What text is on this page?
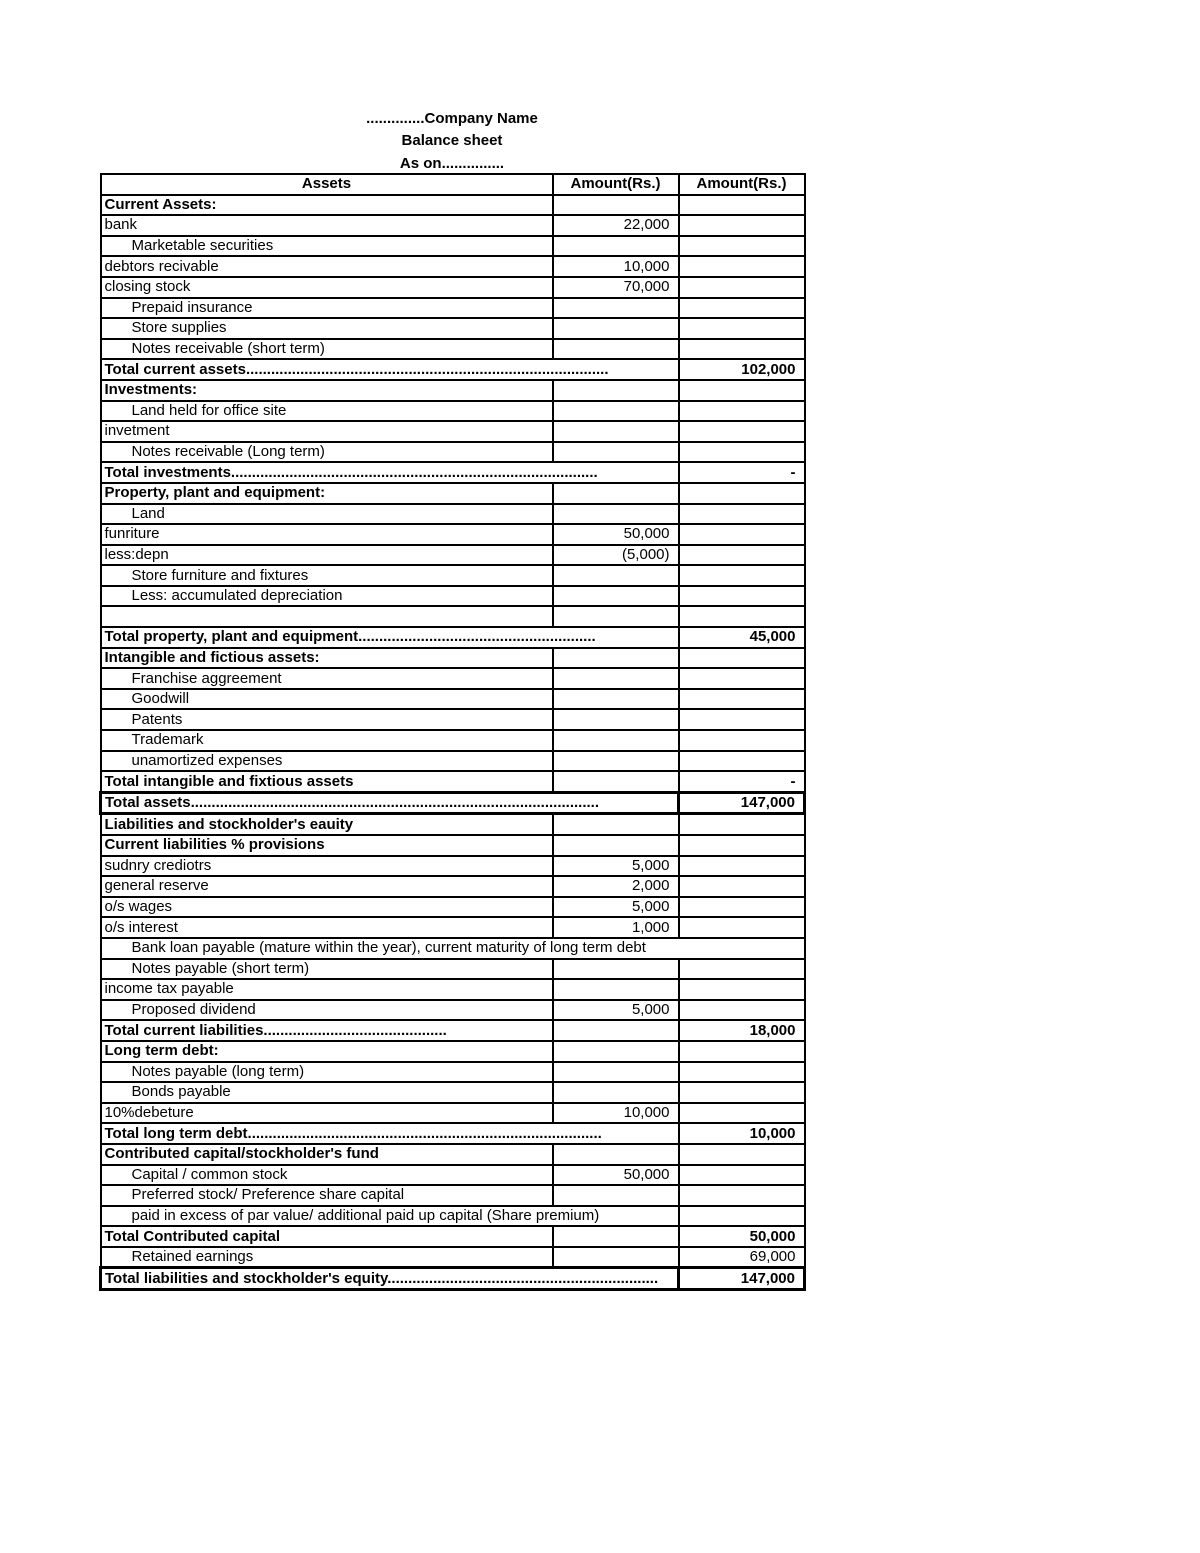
..............Company Name
Balance sheet
As on...............
Assets	Amount(Rs.)	Amount(Rs.)
Current Assets:		
bank	22,000	
Marketable securities		
debtors recivable	10,000	
closing stock	70,000	
Prepaid insurance		
Store supplies		
Notes receivable (short term)		
Total current assets.......................................................................................		102,000
Investments:		
Land held for office site		
invetment		
Notes receivable (Long term)		
Total investments........................................................................................		-
Property, plant and equipment:		
Land		
funriture	50,000	
less:depn	(5,000)	
Store furniture and fixtures		
Less: accumulated depreciation		

Total property, plant and equipment.........................................................		45,000
Intangible and fictious assets:		
Franchise aggreement		
Goodwill		
Patents		
Trademark		
unamortized expenses		
Total intangible and fixtious assets		-
Total assets..................................................................................................		147,000
Liabilities and stockholder's eauity		
Current liabilities % provisions		
sudnry crediotrs	5,000	
general reserve	2,000	
o/s wages	5,000	
o/s interest	1,000	
Bank loan payable (mature within the year), current maturity of long term debt		
Notes payable (short term)		
income tax payable		
Proposed dividend	5,000	
Total current liabilities............................................		18,000
Long term debt:		
Notes payable (long term)		
Bonds payable		
10%debeture	10,000	
Total long term debt.....................................................................................		10,000
Contributed capital/stockholder's fund		
Capital / common stock	50,000	
Preferred stock/ Preference share capital		
paid in excess of par value/ additional paid up capital (Share premium)		
Total Contributed capital		50,000
Retained earnings		69,000
Total liabilities and stockholder's equity.................................................................		147,000
